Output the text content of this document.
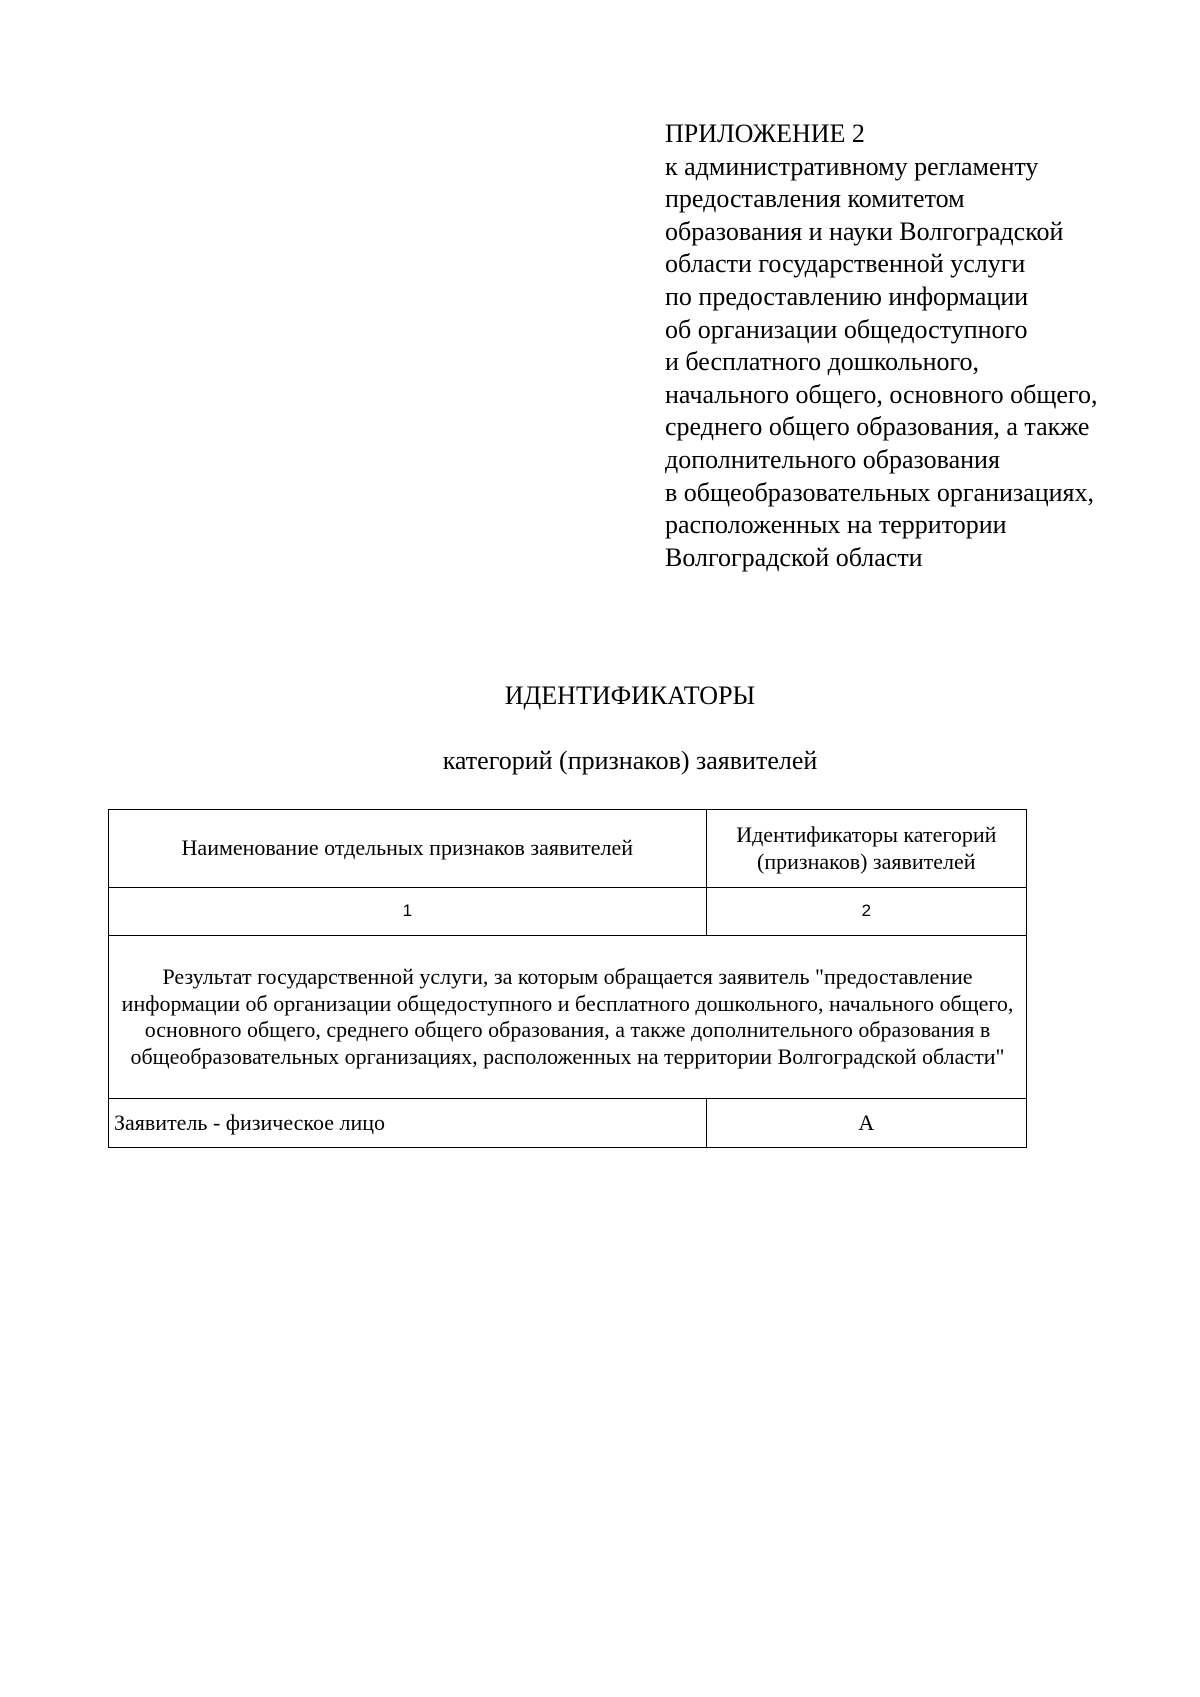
ПРИЛОЖЕНИЕ 2
к административному регламенту
предоставления комитетом
образования и науки Волгоградской
области государственной услуги
по предоставлению информации
об организации общедоступного
и бесплатного дошкольного,
начального общего, основного общего,
среднего общего образования, а также
дополнительного образования
в общеобразовательных организациях,
расположенных на территории
Волгоградской области
ИДЕНТИФИКАТОРЫ
категорий (признаков) заявителей
Наименование отдельных признаков заявителей	Идентификаторы категорий (признаков) заявителей
1	2
Результат государственной услуги, за которым обращается заявитель "предоставление информации об организации общедоступного и бесплатного дошкольного, начального общего, основного общего, среднего общего образования, а также дополнительного образования в общеобразовательных организациях, расположенных на территории Волгоградской области"	
Заявитель - физическое лицо	А
